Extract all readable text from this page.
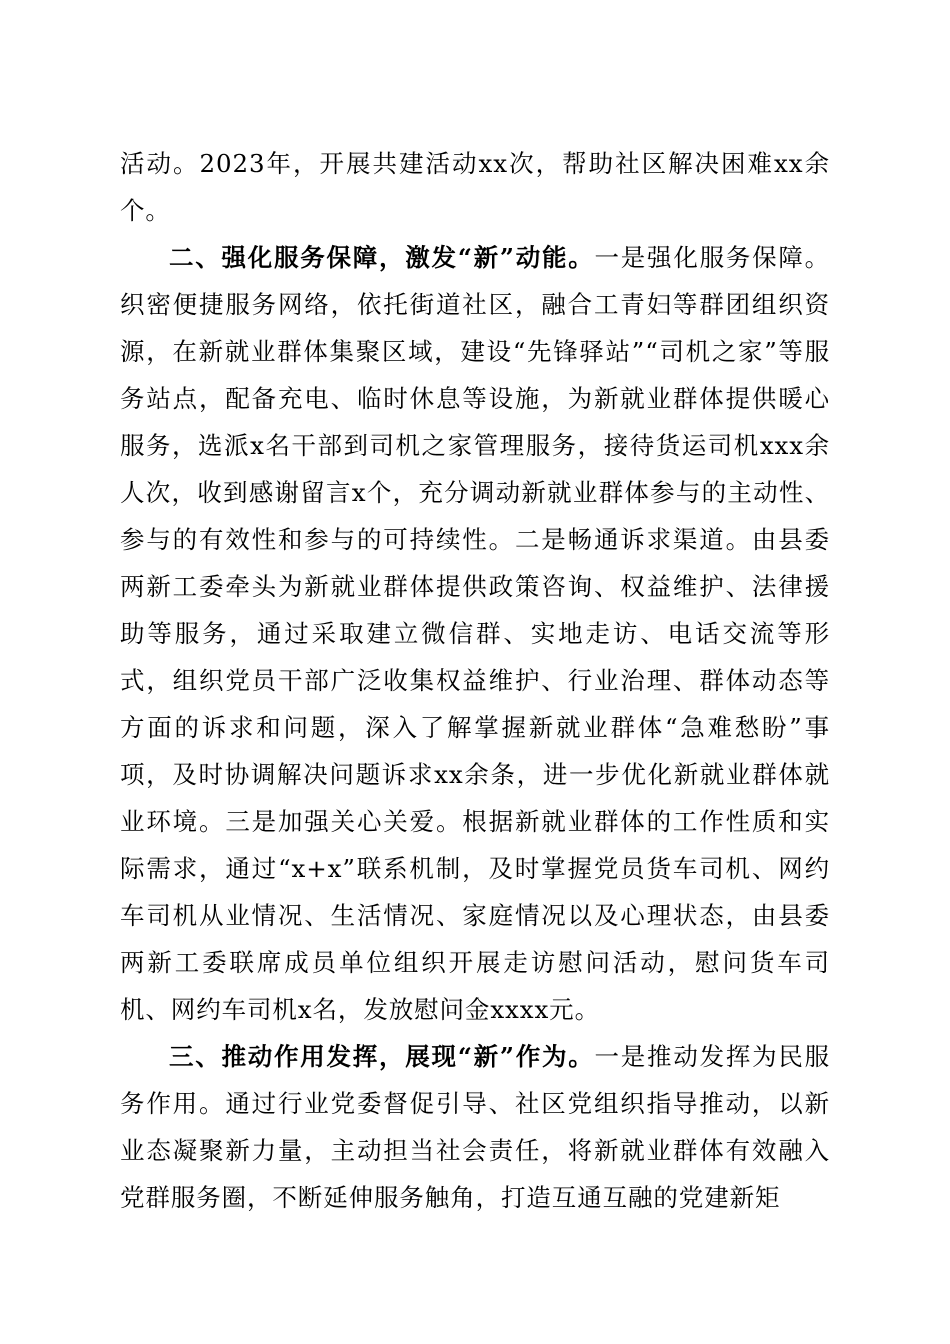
活动。2023年，开展共建活动xx次，帮助社区解决困难xx余个。

二、强化服务保障，激发“新”动能。一是强化服务保障。织密便捷服务网络，依托街道社区，融合工青妇等群团组织资源，在新就业群体集聚区域，建设“先锋驿站”“司机之家”等服务站点，配备充电、临时休息等设施，为新就业群体提供暖心服务，选派x名干部到司机之家管理服务，接待货运司机xxx余人次，收到感谢留言x个，充分调动新就业群体参与的主动性、参与的有效性和参与的可持续性。二是畅通诉求渠道。由县委两新工委牵头为新就业群体提供政策咨询、权益维护、法律援助等服务，通过采取建立微信群、实地走访、电话交流等形式，组织党员干部广泛收集权益维护、行业治理、群体动态等方面的诉求和问题，深入了解掌握新就业群体“急难愁盼”事项，及时协调解决问题诉求xx余条，进一步优化新就业群体就业环境。三是加强关心关爱。根据新就业群体的工作性质和实际需求，通过“x+x”联系机制，及时掌握党员货车司机、网约车司机从业情况、生活情况、家庭情况以及心理状态，由县委两新工委联席成员单位组织开展走访慰问活动，慰问货车司机、网约车司机x名，发放慰问金xxxx元。

三、推动作用发挥，展现“新”作为。一是推动发挥为民服务作用。通过行业党委督促引导、社区党组织指导推动，以新业态凝聚新力量，主动担当社会责任，将新就业群体有效融入党群服务圈，不断延伸服务触角，打造互通互融的党建新矩
